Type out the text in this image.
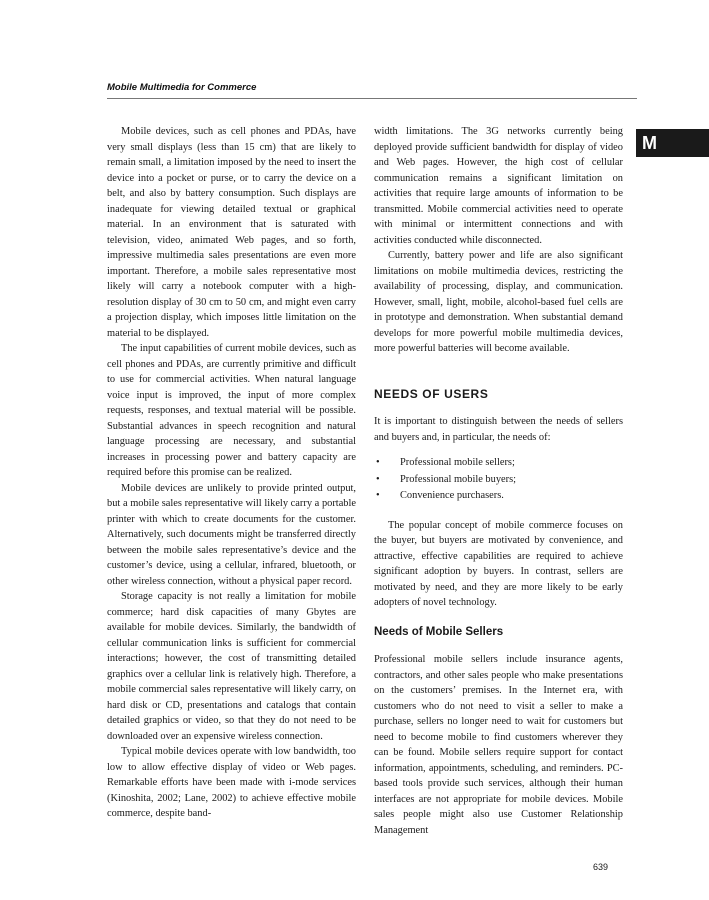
Mobile Multimedia for Commerce
M

Mobile devices, such as cell phones and PDAs, have very small displays (less than 15 cm) that are likely to remain small, a limitation imposed by the need to insert the device into a pocket or purse, or to carry the device on a belt, and also by battery consumption. Such displays are inadequate for viewing detailed textual or graphical material. In an environment that is saturated with television, video, animated Web pages, and so forth, impressive multimedia sales presentations are even more important. Therefore, a mobile sales representative most likely will carry a notebook computer with a high-resolution display of 30 cm to 50 cm, and might even carry a projection display, which imposes little limitation on the material to be displayed.

The input capabilities of current mobile devices, such as cell phones and PDAs, are currently primitive and difficult to use for commercial activities. When natural language voice input is improved, the input of more complex requests, responses, and textual material will be possible. Substantial advances in speech recognition and natural language processing are necessary, and substantial increases in processing power and battery capacity are required before this promise can be realized.

Mobile devices are unlikely to provide printed output, but a mobile sales representative will likely carry a portable printer with which to create documents for the customer. Alternatively, such documents might be transferred directly between the mobile sales representative’s device and the customer’s device, using a cellular, infrared, bluetooth, or other wireless connection, without a physical paper record.

Storage capacity is not really a limitation for mobile commerce; hard disk capacities of many Gbytes are available for mobile devices. Similarly, the bandwidth of cellular communication links is sufficient for commercial interactions; however, the cost of transmitting detailed graphics over a cellular link is relatively high. Therefore, a mobile commercial sales representative will likely carry, on hard disk or CD, presentations and catalogs that contain detailed graphics or video, so that they do not need to be downloaded over an expensive wireless connection.

Typical mobile devices operate with low bandwidth, too low to allow effective display of video or Web pages. Remarkable efforts have been made with i-mode services (Kinoshita, 2002; Lane, 2002) to achieve effective mobile commerce, despite band-

width limitations. The 3G networks currently being deployed provide sufficient bandwidth for display of video and Web pages. However, the high cost of cellular communication remains a significant limitation on activities that require large amounts of information to be transmitted. Mobile commercial activities need to operate with minimal or intermittent connections and with activities conducted while disconnected.

Currently, battery power and life are also significant limitations on mobile multimedia devices, restricting the availability of processing, display, and communication. However, small, light, mobile, alcohol-based fuel cells are in prototype and demonstration. When substantial demand develops for more powerful mobile multimedia devices, more powerful batteries will become available.

NEEDS OF USERS

It is important to distinguish between the needs of sellers and buyers and, in particular, the needs of:

• Professional mobile sellers;
• Professional mobile buyers;
• Convenience purchasers.

The popular concept of mobile commerce focuses on the buyer, but buyers are motivated by convenience, and attractive, effective capabilities are required to achieve significant adoption by buyers. In contrast, sellers are motivated by need, and they are more likely to be early adopters of novel technology.

Needs of Mobile Sellers

Professional mobile sellers include insurance agents, contractors, and other sales people who make presentations on the customers’ premises. In the Internet era, with customers who do not need to visit a seller to make a purchase, sellers no longer need to wait for customers but need to become mobile to find customers wherever they can be found. Mobile sellers require support for contact information, appointments, scheduling, and reminders. PC-based tools provide such services, although their human interfaces are not appropriate for mobile devices. Mobile sales people might also use Customer Relationship Management

639
